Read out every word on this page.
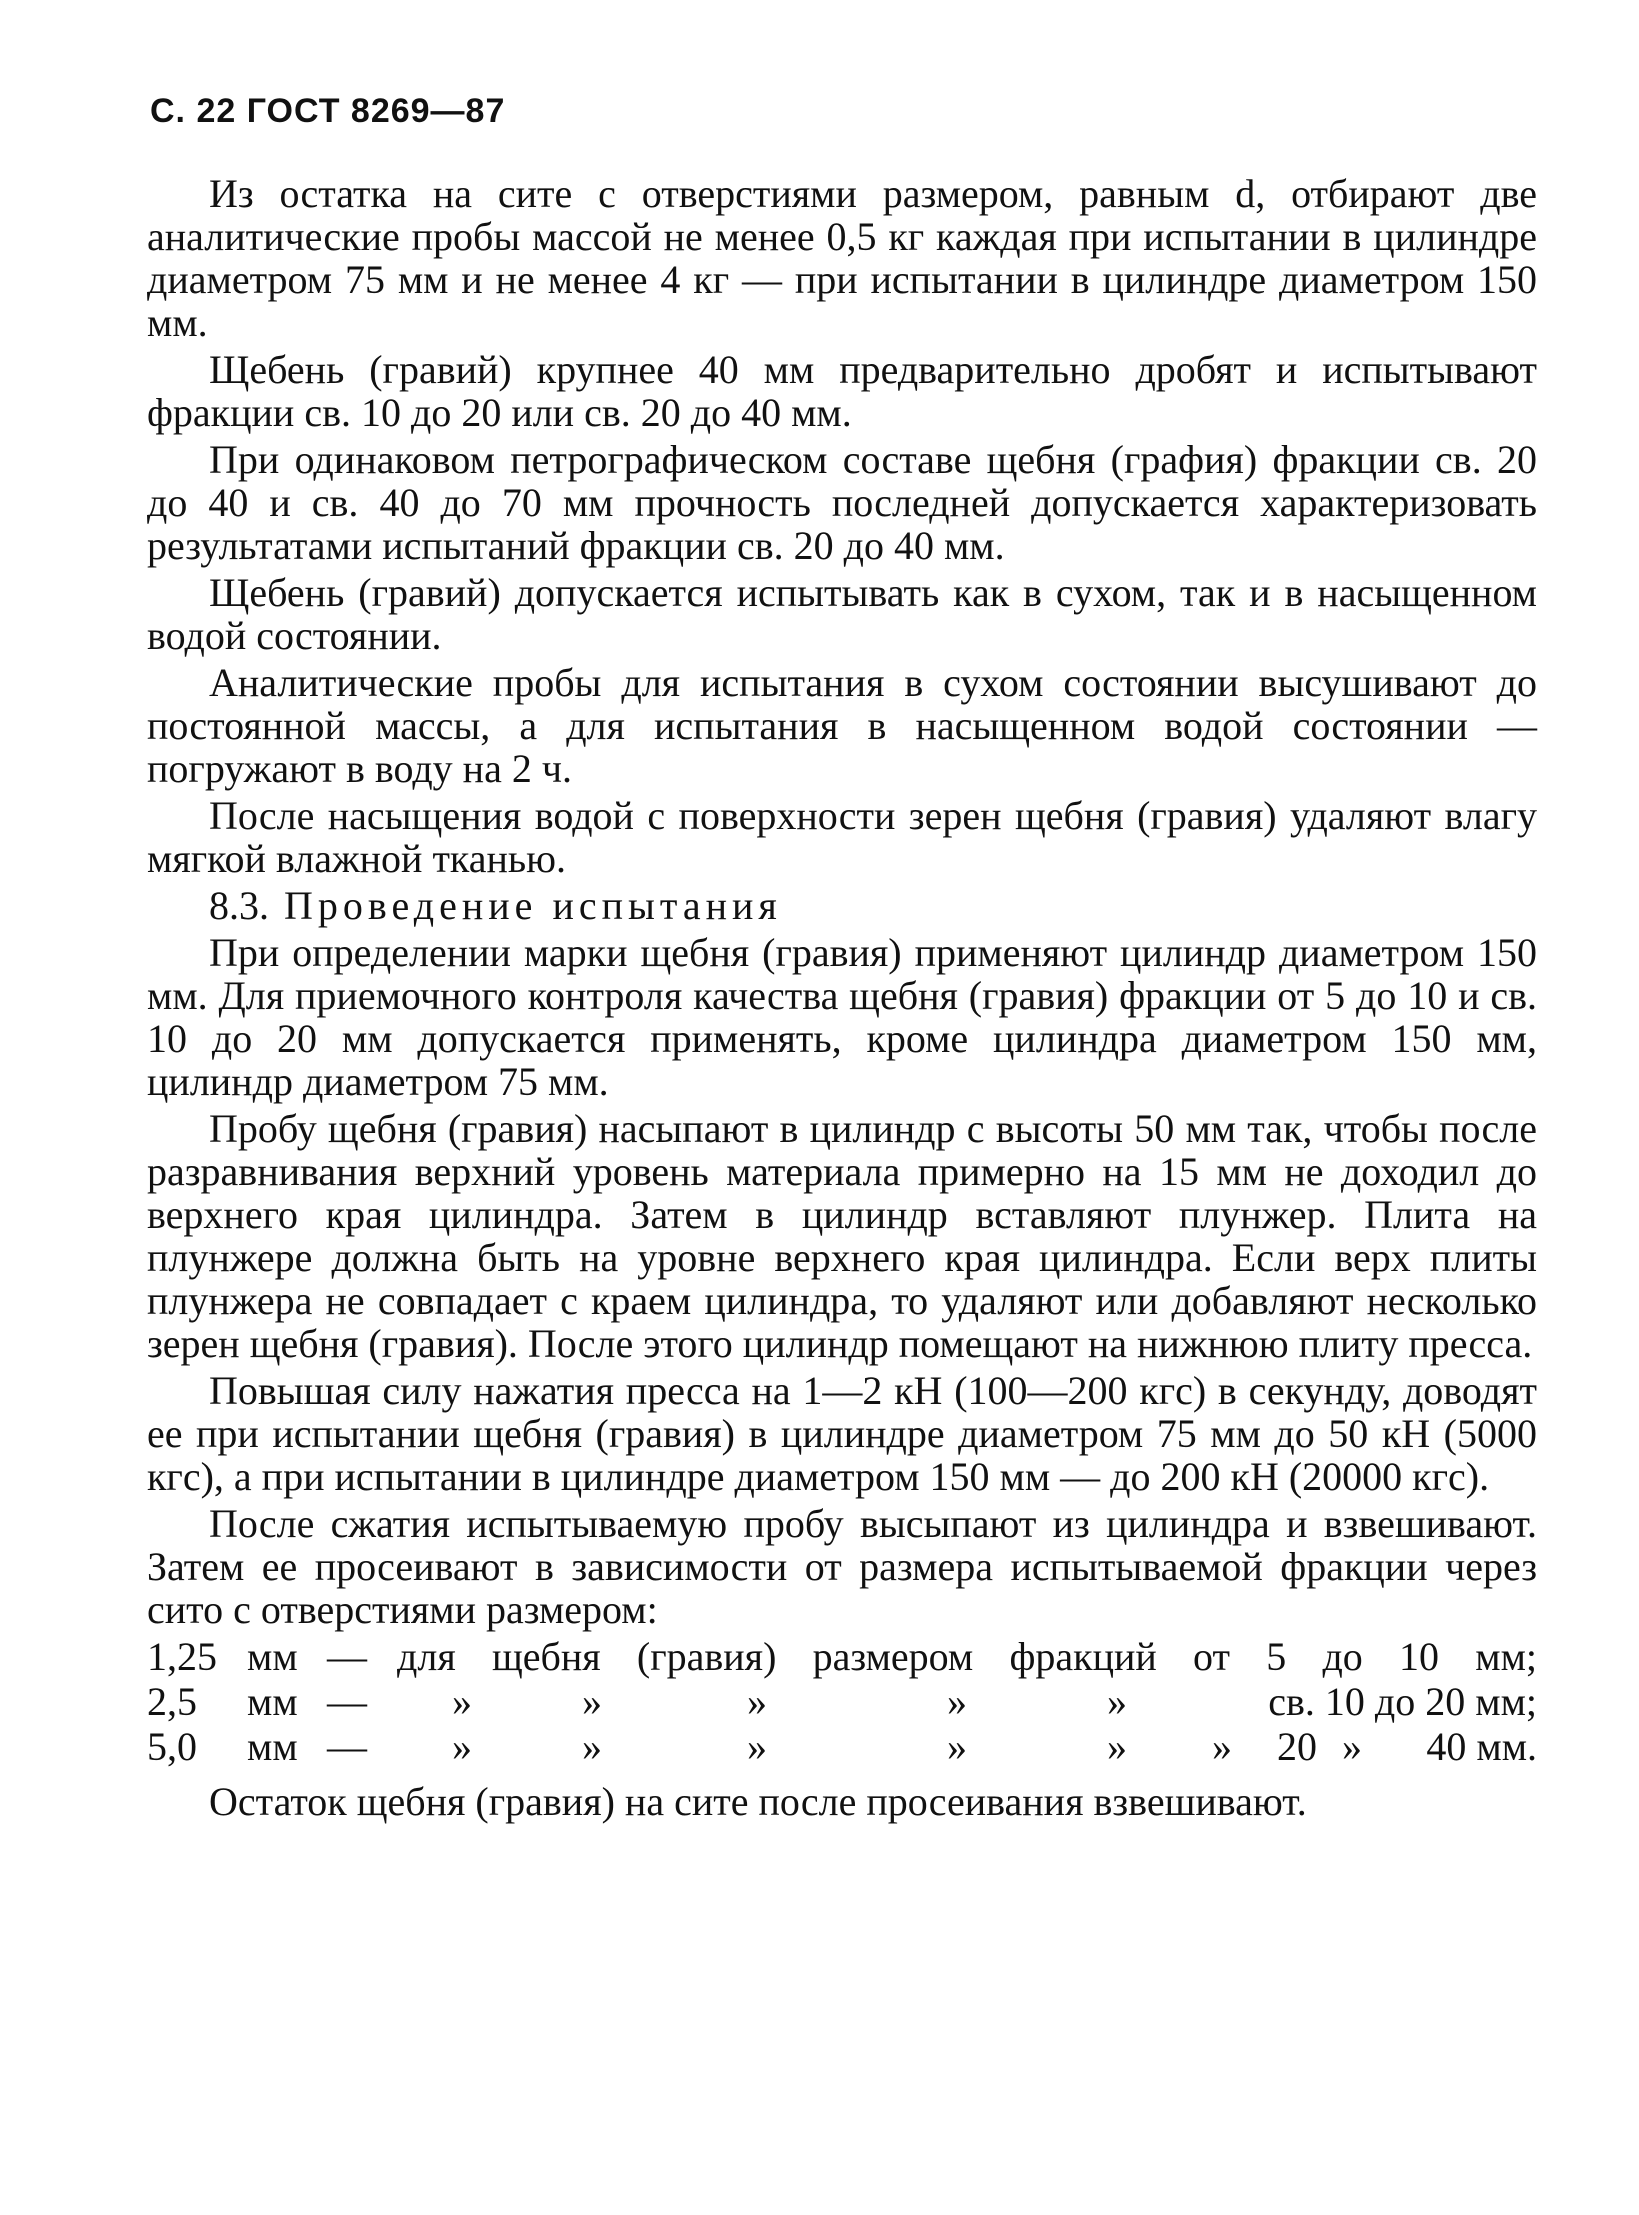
С. 22 ГОСТ 8269—87

Из остатка на сите с отверстиями размером, равным d, отбирают две аналитические пробы массой не менее 0,5 кг каждая при испытании в цилиндре диаметром 75 мм и не менее 4 кг — при испытании в цилиндре диаметром 150 мм.

Щебень (гравий) крупнее 40 мм предварительно дробят и испытывают фракции св. 10 до 20 или св. 20 до 40 мм.

При одинаковом петрографическом составе щебня (графия) фракции св. 20 до 40 и св. 40 до 70 мм прочность последней допускается характеризовать результатами испытаний фракции св. 20 до 40 мм.

Щебень (гравий) допускается испытывать как в сухом, так и в насыщенном водой состоянии.

Аналитические пробы для испытания в сухом состоянии высушивают до постоянной массы, а для испытания в насыщенном водой состоянии — погружают в воду на 2 ч.

После насыщения водой с поверхности зерен щебня (гравия) удаляют влагу мягкой влажной тканью.

8.3. Проведение испытания

При определении марки щебня (гравия) применяют цилиндр диаметром 150 мм. Для приемочного контроля качества щебня (гравия) фракции от 5 до 10 и св. 10 до 20 мм допускается применять, кроме цилиндра диаметром 150 мм, цилиндр диаметром 75 мм.

Пробу щебня (гравия) насыпают в цилиндр с высоты 50 мм так, чтобы после разравнивания верхний уровень материала примерно на 15 мм не доходил до верхнего края цилиндра. Затем в цилиндр вставляют плунжер. Плита на плунжере должна быть на уровне верхнего края цилиндра. Если верх плиты плунжера не совпадает с краем цилиндра, то удаляют или добавляют несколько зерен щебня (гравия). После этого цилиндр помещают на нижнюю плиту пресса.

Повышая силу нажатия пресса на 1—2 кН (100—200 кгс) в секунду, доводят ее при испытании щебня (гравия) в цилиндре диаметром 75 мм до 50 кН (5000 кгс), а при испытании в цилиндре диаметром 150 мм — до 200 кН (20000 кгс).

После сжатия испытываемую пробу высыпают из цилиндра и взвешивают. Затем ее просеивают в зависимости от размера испытываемой фракции через сито с отверстиями размером:

1,25 мм — для щебня (гравия) размером фракций от 5 до 10 мм;
2,5	мм —	»	»	»	»	»	св. 10 до 20 мм;
5,0	мм —	»	»	»	»	»	»	20 »	40 мм.

Остаток щебня (гравия) на сите после просеивания взвешивают.
